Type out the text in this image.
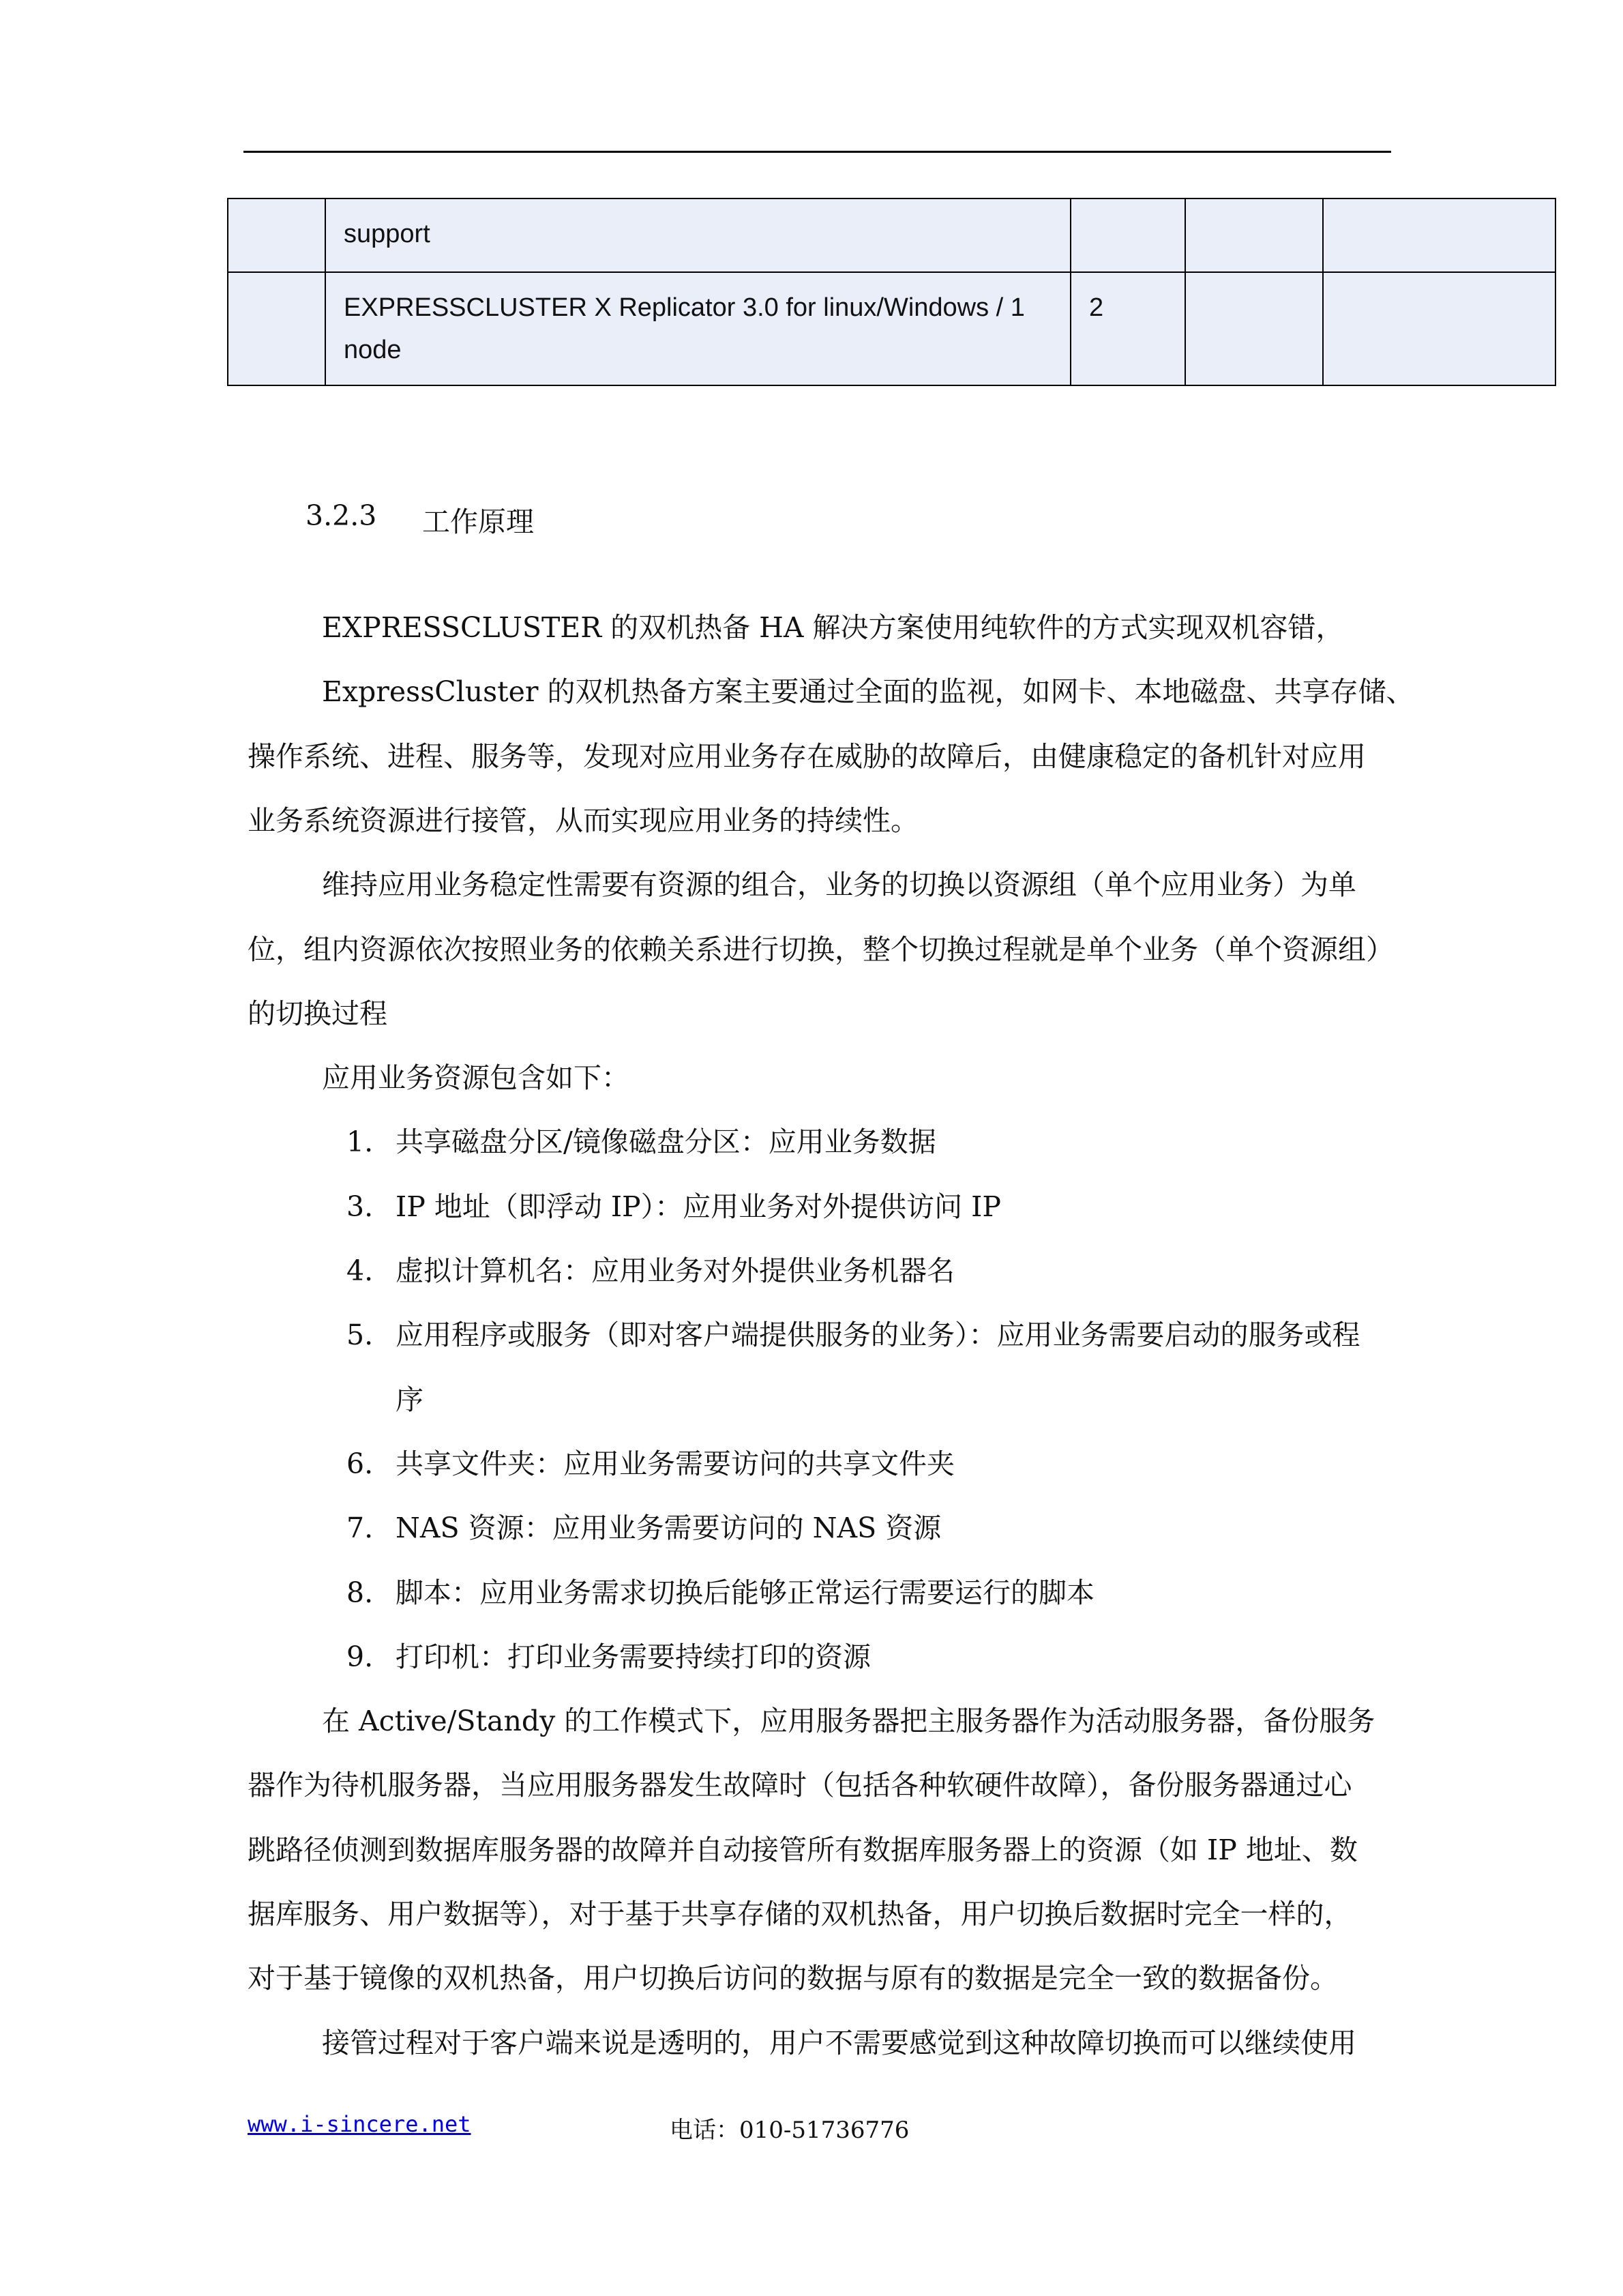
	support			
	EXPRESSCLUSTER X Replicator 3.0 for linux/Windows / 1 node	2		
3.2.3 工作原理
EXPRESSCLUSTER 的双机热备 HA 解决方案使用纯软件的方式实现双机容错，
ExpressCluster 的双机热备方案主要通过全面的监视，如网卡、本地磁盘、共享存储、
操作系统、进程、服务等，发现对应用业务存在威胁的故障后，由健康稳定的备机针对应用
业务系统资源进行接管，从而实现应用业务的持续性。
维持应用业务稳定性需要有资源的组合，业务的切换以资源组（单个应用业务）为单
位，组内资源依次按照业务的依赖关系进行切换，整个切换过程就是单个业务（单个资源组）
的切换过程
应用业务资源包含如下：
1. 共享磁盘分区/镜像磁盘分区：应用业务数据
3. IP 地址（即浮动 IP）：应用业务对外提供访问 IP
4. 虚拟计算机名：应用业务对外提供业务机器名
5. 应用程序或服务（即对客户端提供服务的业务）：应用业务需要启动的服务或程
序
6. 共享文件夹：应用业务需要访问的共享文件夹
7. NAS 资源：应用业务需要访问的 NAS 资源
8. 脚本：应用业务需求切换后能够正常运行需要运行的脚本
9. 打印机：打印业务需要持续打印的资源
在 Active/Standy 的工作模式下，应用服务器把主服务器作为活动服务器，备份服务
器作为待机服务器，当应用服务器发生故障时（包括各种软硬件故障），备份服务器通过心
跳路径侦测到数据库服务器的故障并自动接管所有数据库服务器上的资源（如 IP 地址、数
据库服务、用户数据等），对于基于共享存储的双机热备，用户切换后数据时完全一样的，
对于基于镜像的双机热备，用户切换后访问的数据与原有的数据是完全一致的数据备份。
接管过程对于客户端来说是透明的，用户不需要感觉到这种故障切换而可以继续使用
www.i-sincere.net	电话：010-51736776
